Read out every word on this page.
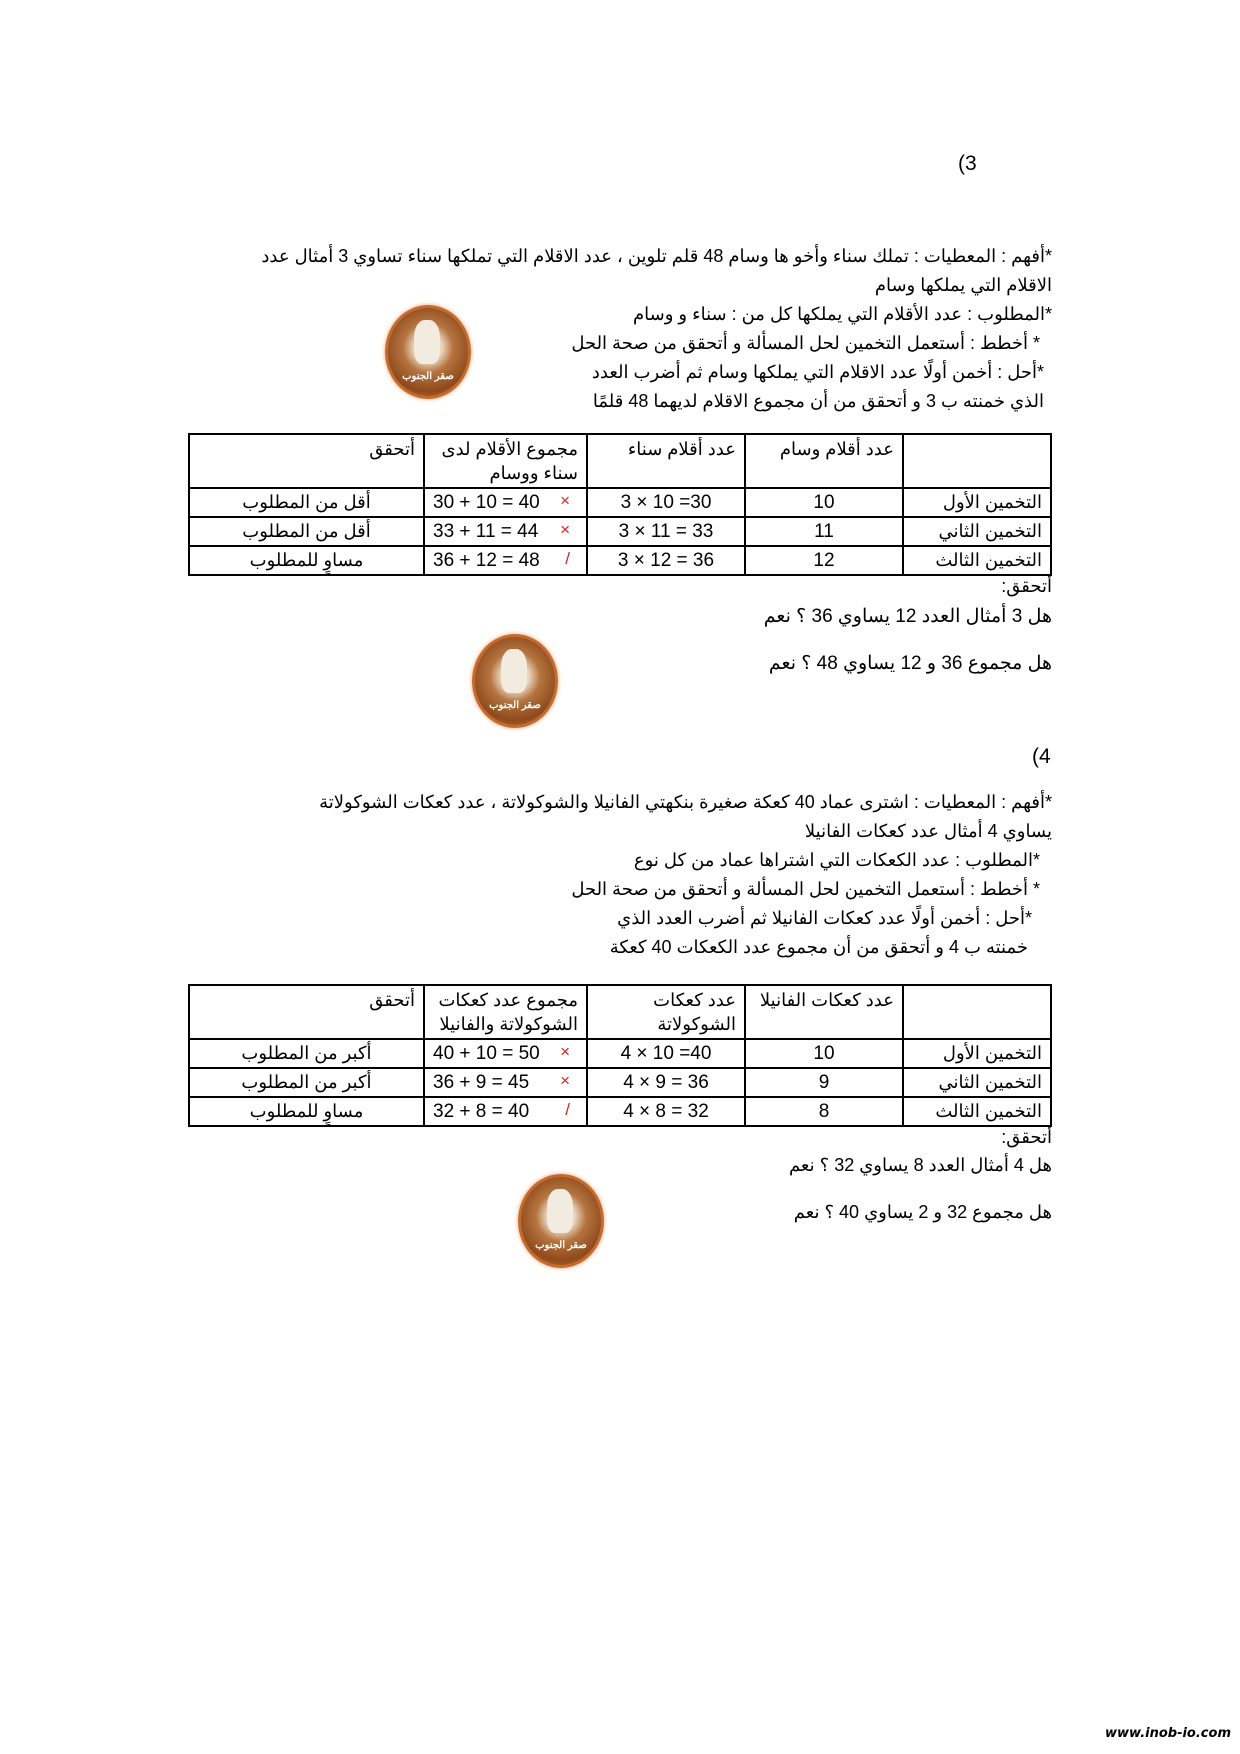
(3
*أفهم : المعطيات : تملك سناء وأخو ها وسام 48 قلم تلوين ، عدد الاقلام التي تملكها سناء تساوي 3 أمثال عدد
الاقلام التي يملكها وسام
*المطلوب : عدد الأقلام التي يملكها كل من : سناء و وسام
* أخطط : أستعمل التخمين لحل المسألة و أتحقق من صحة الحل
*أحل : أخمن أولًا عدد الاقلام التي يملكها وسام ثم أضرب العدد
الذي خمنته ب 3 و أتحقق من أن مجموع الاقلام لديهما 48 قلمًا
صقر الجنوب
	عدد أقلام وسام	عدد أقلام سناء	مجموع الأقلام لدى سناء ووسام	أتحقق
التخمين الأول	10	3 × 10 =30	30 + 10 = 40 ×	أقل من المطلوب
التخمين الثاني	11	3 × 11 = 33	33 + 11 = 44 ×	أقل من المطلوب
التخمين الثالث	12	3 × 12 = 36	36 + 12 = 48 /	مساوٍ للمطلوب
أتحقق:
هل 3 أمثال العدد 12 يساوي 36 ؟ نعم
هل مجموع 36 و 12 يساوي 48 ؟ نعم
صقر الجنوب
(4
*أفهم : المعطيات : اشترى عماد 40 كعكة صغيرة بنكهتي الفانيلا والشوكولاتة ، عدد كعكات الشوكولاتة
يساوي 4 أمثال عدد كعكات الفانيلا
*المطلوب : عدد الكعكات التي اشتراها عماد من كل نوع
* أخطط : أستعمل التخمين لحل المسألة و أتحقق من صحة الحل
*أحل : أخمن أولًا عدد كعكات الفانيلا ثم أضرب العدد الذي
خمنته ب 4 و أتحقق من أن مجموع عدد الكعكات 40 كعكة
	عدد كعكات الفانيلا	عدد كعكات الشوكولاتة	مجموع عدد كعكات الشوكولاتة والفانيلا	أتحقق
التخمين الأول	10	4 × 10 =40	40 + 10 = 50 ×	أكبر من المطلوب
التخمين الثاني	9	4 × 9 = 36	36 + 9 = 45 ×	أكبر من المطلوب
التخمين الثالث	8	4 × 8 = 32	32 + 8 = 40 /	مساوٍ للمطلوب
أتحقق:
هل 4 أمثال العدد 8 يساوي 32 ؟ نعم
هل مجموع 32 و 2 يساوي 40 ؟ نعم
صقر الجنوب
www.inob-io.com
